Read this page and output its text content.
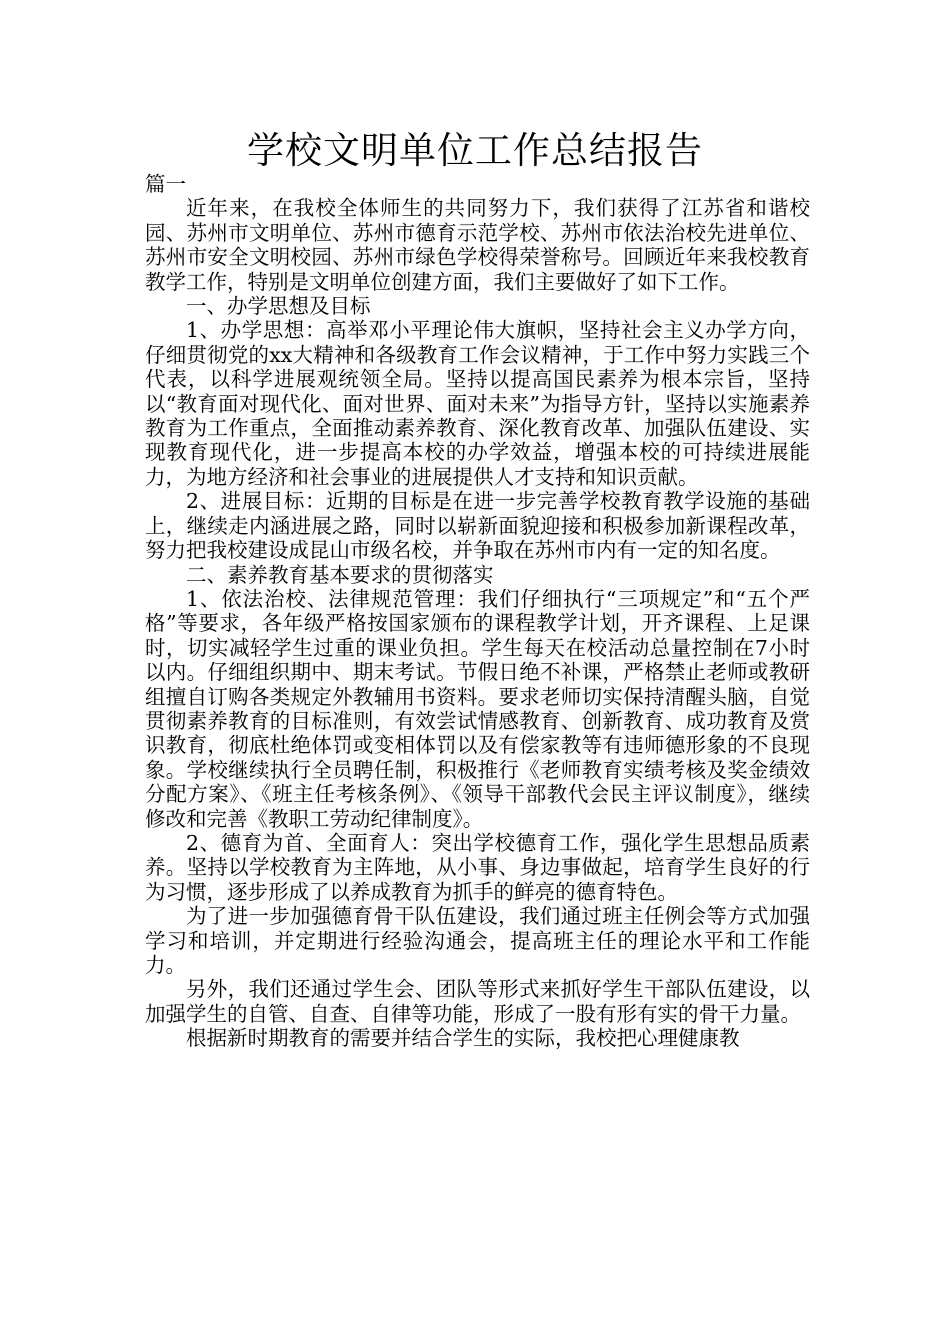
学校文明单位工作总结报告

篇一

近年来，在我校全体师生的共同努力下，我们获得了江苏省和谐校园、苏州市文明单位、苏州市德育示范学校、苏州市依法治校先进单位、苏州市安全文明校园、苏州市绿色学校得荣誉称号。回顾近年来我校教育教学工作，特别是文明单位创建方面，我们主要做好了如下工作。

一、办学思想及目标

1、办学思想：高举邓小平理论伟大旗帜，坚持社会主义办学方向，仔细贯彻党的xx大精神和各级教育工作会议精神，于工作中努力实践三个代表，以科学进展观统领全局。坚持以提高国民素养为根本宗旨，坚持以“教育面对现代化、面对世界、面对未来”为指导方针，坚持以实施素养教育为工作重点，全面推动素养教育、深化教育改革、加强队伍建设、实现教育现代化，进一步提高本校的办学效益，增强本校的可持续进展能力，为地方经济和社会事业的进展提供人才支持和知识贡献。

2、进展目标：近期的目标是在进一步完善学校教育教学设施的基础上，继续走内涵进展之路，同时以崭新面貌迎接和积极参加新课程改革，努力把我校建设成昆山市级名校，并争取在苏州市内有一定的知名度。

二、素养教育基本要求的贯彻落实

1、依法治校、法律规范管理：我们仔细执行“三项规定”和“五个严格”等要求，各年级严格按国家颁布的课程教学计划，开齐课程、上足课时，切实减轻学生过重的课业负担。学生每天在校活动总量控制在7小时以内。仔细组织期中、期末考试。节假日绝不补课，严格禁止老师或教研组擅自订购各类规定外教辅用书资料。要求老师切实保持清醒头脑，自觉贯彻素养教育的目标准则，有效尝试情感教育、创新教育、成功教育及赏识教育，彻底杜绝体罚或变相体罚以及有偿家教等有违师德形象的不良现象。学校继续执行全员聘任制，积极推行《老师教育实绩考核及奖金绩效分配方案》、《班主任考核条例》、《领导干部教代会民主评议制度》，继续修改和完善《教职工劳动纪律制度》。

2、德育为首、全面育人：突出学校德育工作，强化学生思想品质素养。坚持以学校教育为主阵地，从小事、身边事做起，培育学生良好的行为习惯，逐步形成了以养成教育为抓手的鲜亮的德育特色。

为了进一步加强德育骨干队伍建设，我们通过班主任例会等方式加强学习和培训，并定期进行经验沟通会，提高班主任的理论水平和工作能力。

另外，我们还通过学生会、团队等形式来抓好学生干部队伍建设，以加强学生的自管、自查、自律等功能，形成了一股有形有实的骨干力量。

根据新时期教育的需要并结合学生的实际，我校把心理健康教
